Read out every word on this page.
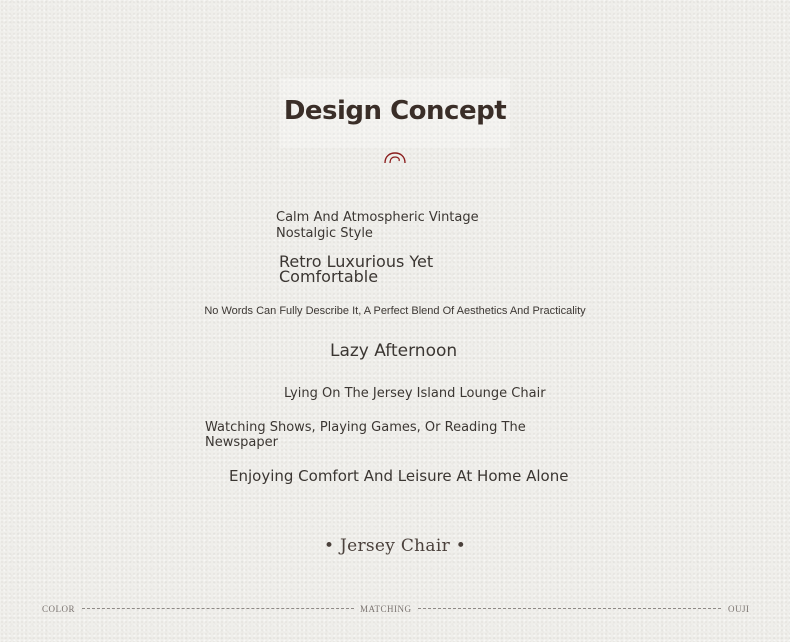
Design Concept
Calm And Atmospheric Vintage
Nostalgic Style
Retro Luxurious Yet
Comfortable
No Words Can Fully Describe It, A Perfect Blend Of Aesthetics And Practicality
Lazy Afternoon
Lying On The Jersey Island Lounge Chair
Watching Shows, Playing Games, Or Reading The
Newspaper
Enjoying Comfort And Leisure At Home Alone
• Jersey Chair •
COLOR	MATCHING	OUJI
